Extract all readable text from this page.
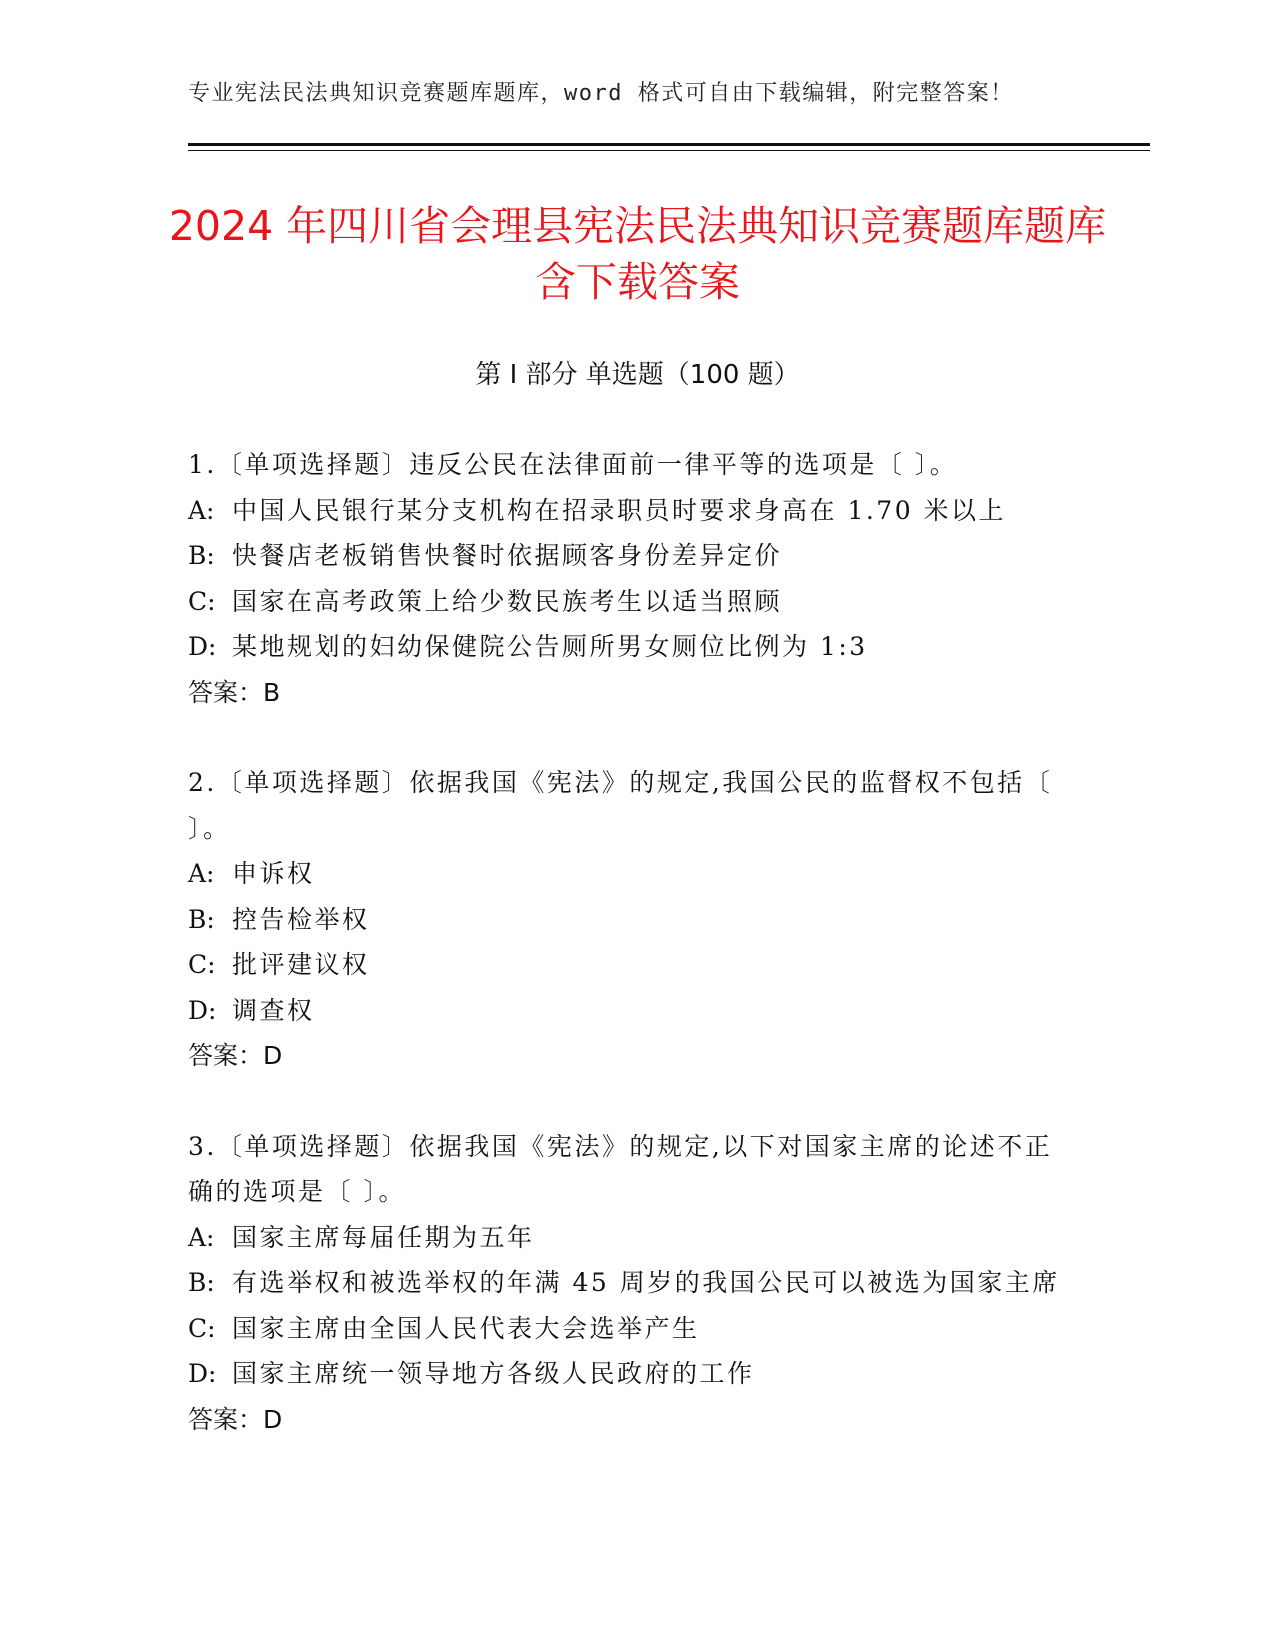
专业宪法民法典知识竞赛题库题库，word 格式可自由下载编辑，附完整答案！
2024 年四川省会理县宪法民法典知识竞赛题库题库含下载答案
第 I 部分 单选题（100 题）

1.〔单项选择题〕违反公民在法律面前一律平等的选项是〔 〕。

A: 中国人民银行某分支机构在招录职员时要求身高在 1.70 米以上

B: 快餐店老板销售快餐时依据顾客身份差异定价

C: 国家在高考政策上给少数民族考生以适当照顾

D: 某地规划的妇幼保健院公告厕所男女厕位比例为 1:3

答案：B

2.〔单项选择题〕依据我国《宪法》的规定,我国公民的监督权不包括〔 〕。

A: 申诉权

B: 控告检举权

C: 批评建议权

D: 调查权

答案：D

3.〔单项选择题〕依据我国《宪法》的规定,以下对国家主席的论述不正确的选项是〔 〕。

A: 国家主席每届任期为五年

B: 有选举权和被选举权的年满 45 周岁的我国公民可以被选为国家主席

C: 国家主席由全国人民代表大会选举产生

D: 国家主席统一领导地方各级人民政府的工作

答案：D
